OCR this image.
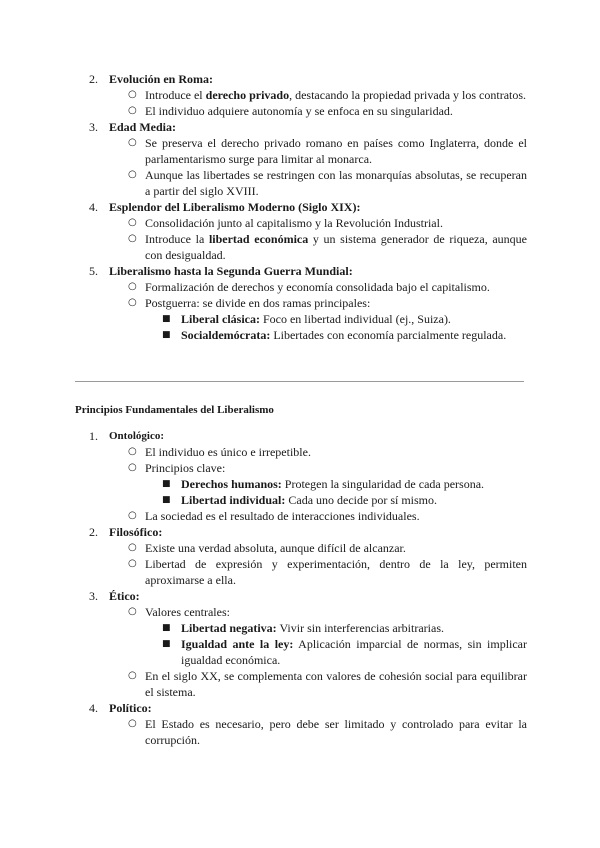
2. Evolución en Roma:
○ Introduce el derecho privado, destacando la propiedad privada y los contratos.
○ El individuo adquiere autonomía y se enfoca en su singularidad.
3. Edad Media:
○ Se preserva el derecho privado romano en países como Inglaterra, donde el parlamentarismo surge para limitar al monarca.
○ Aunque las libertades se restringen con las monarquías absolutas, se recuperan a partir del siglo XVIII.
4. Esplendor del Liberalismo Moderno (Siglo XIX):
○ Consolidación junto al capitalismo y la Revolución Industrial.
○ Introduce la libertad económica y un sistema generador de riqueza, aunque con desigualdad.
5. Liberalismo hasta la Segunda Guerra Mundial:
○ Formalización de derechos y economía consolidada bajo el capitalismo.
○ Postguerra: se divide en dos ramas principales:
■ Liberal clásica: Foco en libertad individual (ej., Suiza).
■ Socialdemócrata: Libertades con economía parcialmente regulada.
Principios Fundamentales del Liberalismo
1.	Ontológico:
○ El individuo es único e irrepetible.
○ Principios clave:
■ Derechos humanos: Protegen la singularidad de cada persona.
■ Libertad individual: Cada uno decide por sí mismo.
○ La sociedad es el resultado de interacciones individuales.
2. Filosófico:
○ Existe una verdad absoluta, aunque difícil de alcanzar.
○ Libertad de expresión y experimentación, dentro de la ley, permiten aproximarse a ella.
3. Ético:
○ Valores centrales:
■ Libertad negativa: Vivir sin interferencias arbitrarias.
■ Igualdad ante la ley: Aplicación imparcial de normas, sin implicar igualdad económica.
○ En el siglo XX, se complementa con valores de cohesión social para equilibrar el sistema.
4. Político:
○ El Estado es necesario, pero debe ser limitado y controlado para evitar la corrupción.
